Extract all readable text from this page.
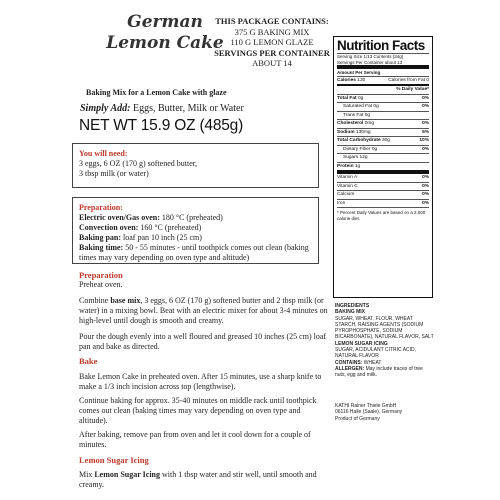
German
Lemon Cake
THIS PACKAGE CONTAINS:
375 G BAKING MIX
110 G LEMON GLAZE
SERVINGS PER CONTAINER
ABOUT 14
Baking Mix for a Lemon Cake with glaze
Simply Add: Eggs, Butter, Milk or Water
NET WT 15.9 OZ (485g)
You will need:
3 eggs, 6 OZ (170 g) softened butter,
3 tbsp milk (or water)
Preparation:
Electric oven/Gas oven: 180 °C (preheated)
Convection oven: 160 °C (preheated)
Baking pan: loaf pan 10 inch (25 cm)
Baking time: 50 - 55 minutes - until toothpick comes out clean (baking times may vary depending on oven type and altitude)
Preparation
Preheat oven.
Combine base mix, 3 eggs, 6 OZ (170 g) softened butter and 2 tbsp milk (or water) in a mixing bowl. Beat with an electric mixer for about 3-4 minutes on high-level until dough is smooth and creamy.
Pour the dough evenly into a well floured and greased 10 inches (25 cm) loaf pan and bake as directed.
Bake
Bake Lemon Cake in preheated oven. After 15 minutes, use a sharp knife to make a 1/3 inch incision across top (lengthwise).
Continue baking for approx. 35-40 minutes on middle rack until toothpick comes out clean (baking times may vary depending on oven type and altitude).
After baking, remove pan from oven and let it cool down for a couple of minutes.
Lemon Sugar Icing
Mix Lemon Sugar Icing with 1 tbsp water and stir well, until smooth and creamy.
Nutrition Facts
Serving Size 1/13 Contents (34g)
Servings Per Container about 13
Amount Per Serving
Calories 130	Calories from Fat 0
% Daily Value*
Total Fat 0g	0%
Saturated Fat 0g	0%
Trans Fat 0g
Cholesterol 0mg	0%
Sodium 130mg	5%
Total Carbohydrate 30g	10%
Dietary Fiber 0g	0%
Sugars 12g
Protein 1g
Vitamin A	0%
Vitamin C	0%
Calcium	0%
Iron	0%
* Percent Daily Values are based on a 2,000 calorie diet.
INGREDIENTS
BAKING MIX
SUGAR, WHEAT, FLOUR, WHEAT STARCH, RAISING AGENTS (SODIUM PYROPHOSPHATE, SODIUM BICARBONATE), NATURAL FLAVOR, SALT
LEMON SUGAR ICING
SUGAR, ACIDULANT CITRIC ACID, NATURAL FLAVOR
CONTAINS: WHEAT
ALLERGEN: May include traces of tree nuts, egg and milk.
KATHI Rainer Thiele GmbH
06116 Halle (Saale), Germany
Product of Germany
